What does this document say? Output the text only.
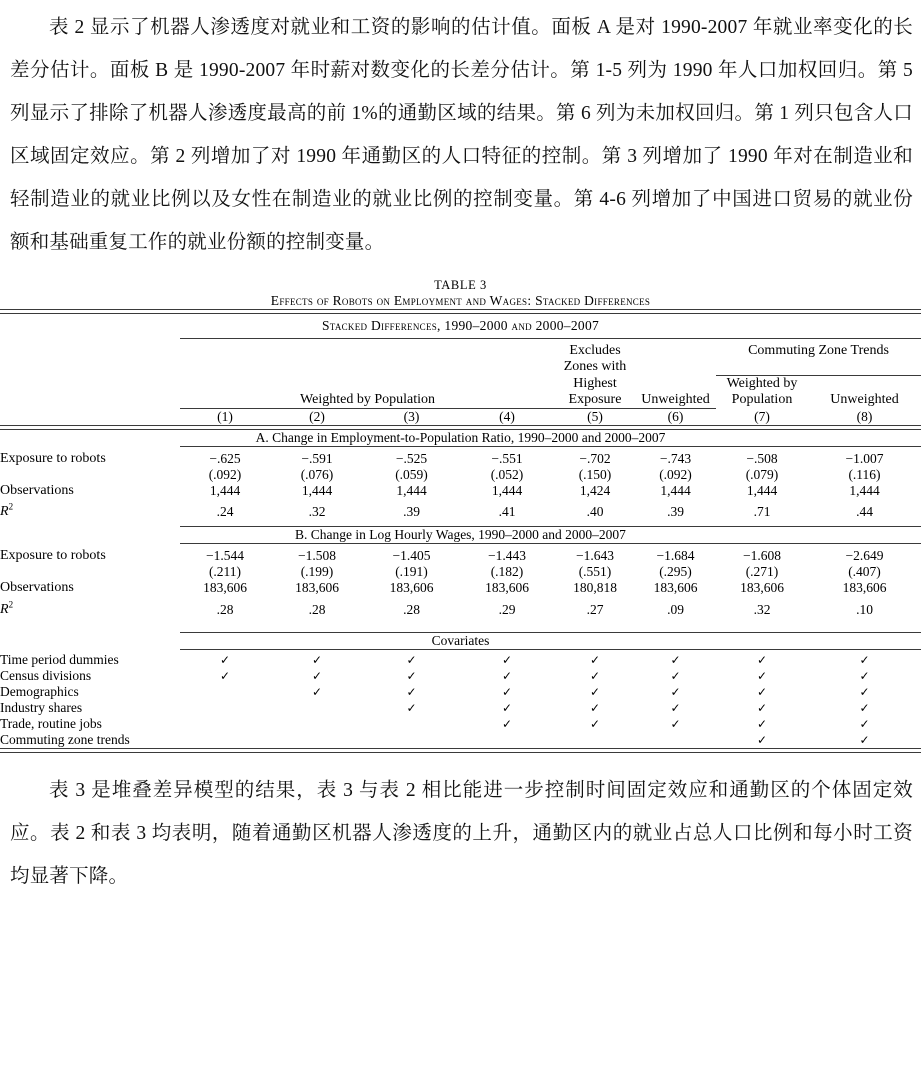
表 2 显示了机器人渗透度对就业和工资的影响的估计值。面板 A 是对 1990-2007 年就业率变化的长差分估计。面板 B 是 1990-2007 年时薪对数变化的长差分估计。第 1-5 列为 1990 年人口加权回归。第 5 列显示了排除了机器人渗透度最高的前 1%的通勤区域的结果。第 6 列为未加权回归。第 1 列只包含人口区域固定效应。第 2 列增加了对 1990 年通勤区的人口特征的控制。第 3 列增加了 1990 年对在制造业和轻制造业的就业比例以及女性在制造业的就业比例的控制变量。第 4-6 列增加了中国进口贸易的就业份额和基础重复工作的就业份额的控制变量。

TABLE 3
Effects of Robots on Employment and Wages: Stacked Differences

Stacked Differences, 1990–2000 and 2000–2007								

					Excludes		Commuting Zone Trends	
					Zones with			
					Highest		Weighted by	
	Weighted by Population				Exposure	Unweighted	Population	Unweighted

	(1)	(2)	(3)	(4)	(5)	(6)	(7)	(8)

A. Change in Employment-to-Population Ratio, 1990–2000 and 2000–2007								

Exposure to robots	−.625	−.591	−.525	−.551	−.702	−.743	−.508	−1.007
	(.092)	(.076)	(.059)	(.052)	(.150)	(.092)	(.079)	(.116)
Observations	1,444	1,444	1,444	1,444	1,424	1,444	1,444	1,444
$R^2$	.24	.32	.39	.41	.40	.39	.71	.44

B. Change in Log Hourly Wages, 1990–2000 and 2000–2007								

Exposure to robots	−1.544	−1.508	−1.405	−1.443	−1.643	−1.684	−1.608	−2.649
	(.211)	(.199)	(.191)	(.182)	(.551)	(.295)	(.271)	(.407)
Observations	183,606	183,606	183,606	183,606	180,818	183,606	183,606	183,606
$R^2$	.28	.28	.28	.29	.27	.09	.32	.10

Covariates								

Time period dummies	✓	✓	✓	✓	✓	✓	✓	✓
Census divisions	✓	✓	✓	✓	✓	✓	✓	✓
Demographics		✓	✓	✓	✓	✓	✓	✓
Industry shares			✓	✓	✓	✓	✓	✓
Trade, routine jobs				✓	✓	✓	✓	✓
Commuting zone trends							✓	✓

表 3 是堆叠差异模型的结果，表 3 与表 2 相比能进一步控制时间固定效应和通勤区的个体固定效应。表 2 和表 3 均表明，随着通勤区机器人渗透度的上升，通勤区内的就业占总人口比例和每小时工资均显著下降。
